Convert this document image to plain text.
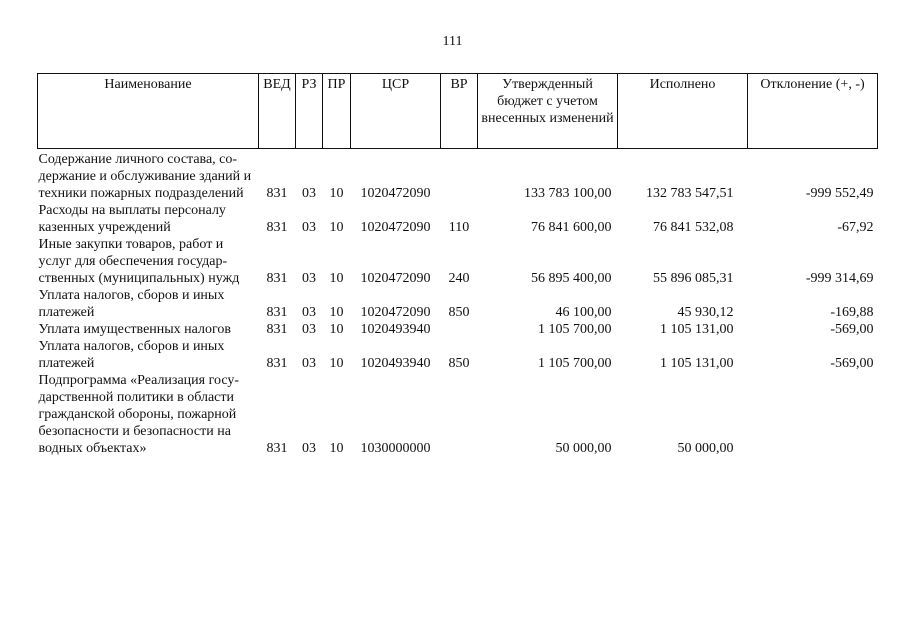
111
Наименование	ВЕД	РЗ	ПР	ЦСР	ВР	Утвержденный бюджет с учетом внесенных изменений	Исполнено	Отклонение (+, -)
Содержание личного состава, содержание и обслуживание зданий и техники пожарных подразделений	831	03	10	1020472090		133 783 100,00	132 783 547,51	-999 552,49
Расходы на выплаты персоналу казенных учреждений	831	03	10	1020472090	110	76 841 600,00	76 841 532,08	-67,92
Иные закупки товаров, работ и услуг для обеспечения государственных (муниципальных) нужд	831	03	10	1020472090	240	56 895 400,00	55 896 085,31	-999 314,69
Уплата налогов, сборов и иных платежей	831	03	10	1020472090	850	46 100,00	45 930,12	-169,88
Уплата имущественных налогов	831	03	10	1020493940		1 105 700,00	1 105 131,00	-569,00
Уплата налогов, сборов и иных платежей	831	03	10	1020493940	850	1 105 700,00	1 105 131,00	-569,00
Подпрограмма «Реализация государственной политики в области гражданской обороны, пожарной безопасности и безопасности на водных объектах»	831	03	10	1030000000		50 000,00	50 000,00	
